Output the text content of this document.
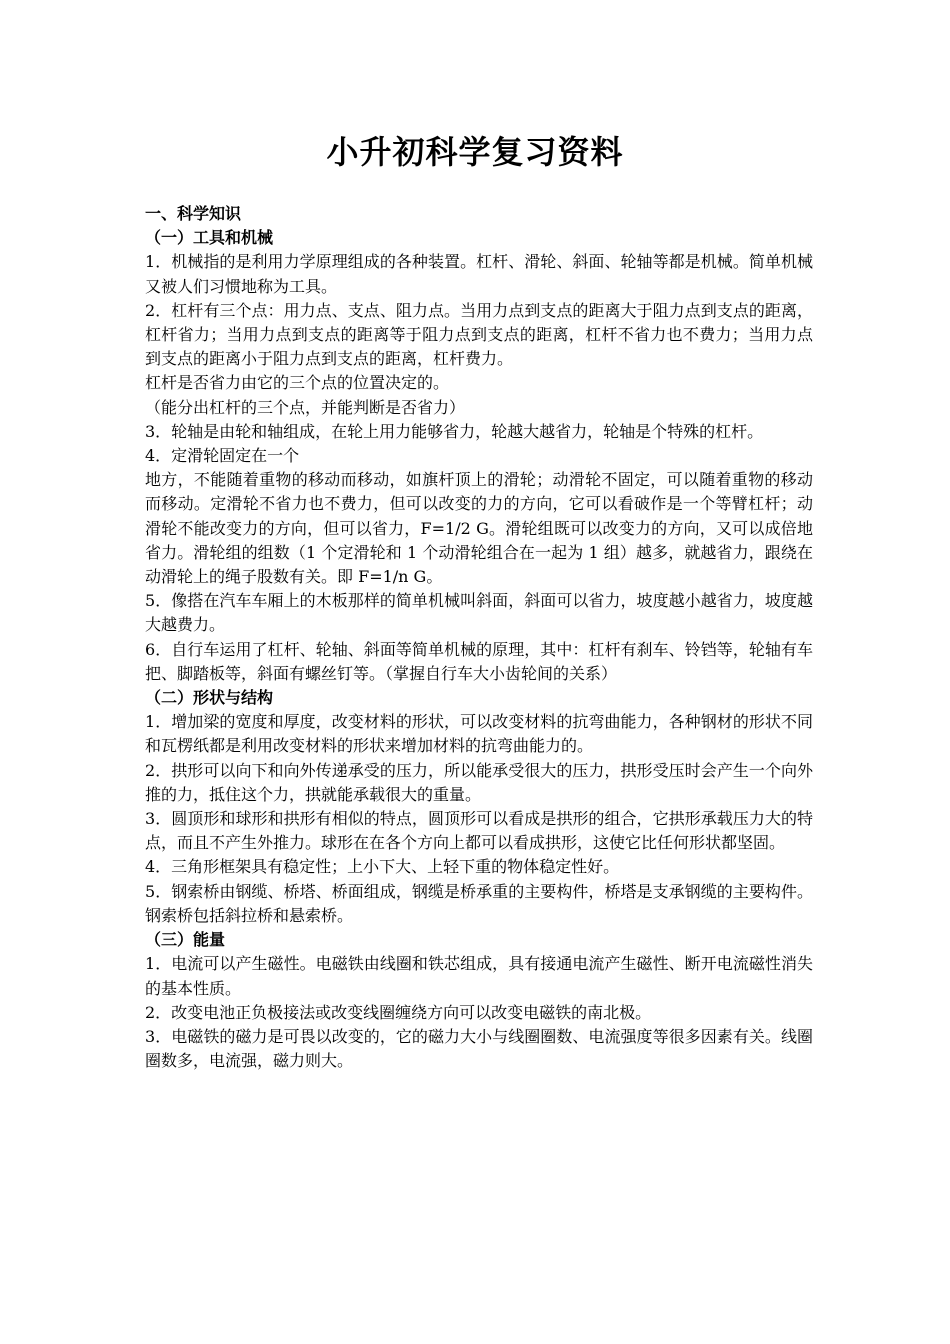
小升初科学复习资料

一、科学知识

（一）工具和机械

1．机械指的是利用力学原理组成的各种装置。杠杆、滑轮、斜面、轮轴等都是机械。简单机械又被人们习惯地称为工具。

2．杠杆有三个点：用力点、支点、阻力点。当用力点到支点的距离大于阻力点到支点的距离，杠杆省力；当用力点到支点的距离等于阻力点到支点的距离，杠杆不省力也不费力；当用力点到支点的距离小于阻力点到支点的距离，杠杆费力。

杠杆是否省力由它的三个点的位置决定的。

（能分出杠杆的三个点，并能判断是否省力）

3．轮轴是由轮和轴组成，在轮上用力能够省力，轮越大越省力，轮轴是个特殊的杠杆。

4．定滑轮固定在一个

地方，不能随着重物的移动而移动，如旗杆顶上的滑轮；动滑轮不固定，可以随着重物的移动而移动。定滑轮不省力也不费力，但可以改变的力的方向，它可以看破作是一个等臂杠杆；动滑轮不能改变力的方向，但可以省力，F=1/2 G。滑轮组既可以改变力的方向，又可以成倍地省力。滑轮组的组数（1 个定滑轮和 1 个动滑轮组合在一起为 1 组）越多，就越省力，跟绕在动滑轮上的绳子股数有关。即 F=1/n G。

5．像搭在汽车车厢上的木板那样的简单机械叫斜面，斜面可以省力，坡度越小越省力，坡度越大越费力。

6．自行车运用了杠杆、轮轴、斜面等简单机械的原理，其中：杠杆有刹车、铃铛等，轮轴有车把、脚踏板等，斜面有螺丝钉等。（掌握自行车大小齿轮间的关系）

（二）形状与结构

1．增加梁的宽度和厚度，改变材料的形状，可以改变材料的抗弯曲能力，各种钢材的形状不同和瓦楞纸都是利用改变材料的形状来增加材料的抗弯曲能力的。

2．拱形可以向下和向外传递承受的压力，所以能承受很大的压力，拱形受压时会产生一个向外推的力，抵住这个力，拱就能承载很大的重量。

3．圆顶形和球形和拱形有相似的特点，圆顶形可以看成是拱形的组合，它拱形承载压力大的特点，而且不产生外推力。球形在在各个方向上都可以看成拱形，这使它比任何形状都坚固。

4．三角形框架具有稳定性；上小下大、上轻下重的物体稳定性好。

5．钢索桥由钢缆、桥塔、桥面组成，钢缆是桥承重的主要构件，桥塔是支承钢缆的主要构件。钢索桥包括斜拉桥和悬索桥。

（三）能量

1．电流可以产生磁性。电磁铁由线圈和铁芯组成，具有接通电流产生磁性、断开电流磁性消失的基本性质。

2．改变电池正负极接法或改变线圈缠绕方向可以改变电磁铁的南北极。

3．电磁铁的磁力是可畏以改变的，它的磁力大小与线圈圈数、电流强度等很多因素有关。线圈圈数多，电流强，磁力则大。
